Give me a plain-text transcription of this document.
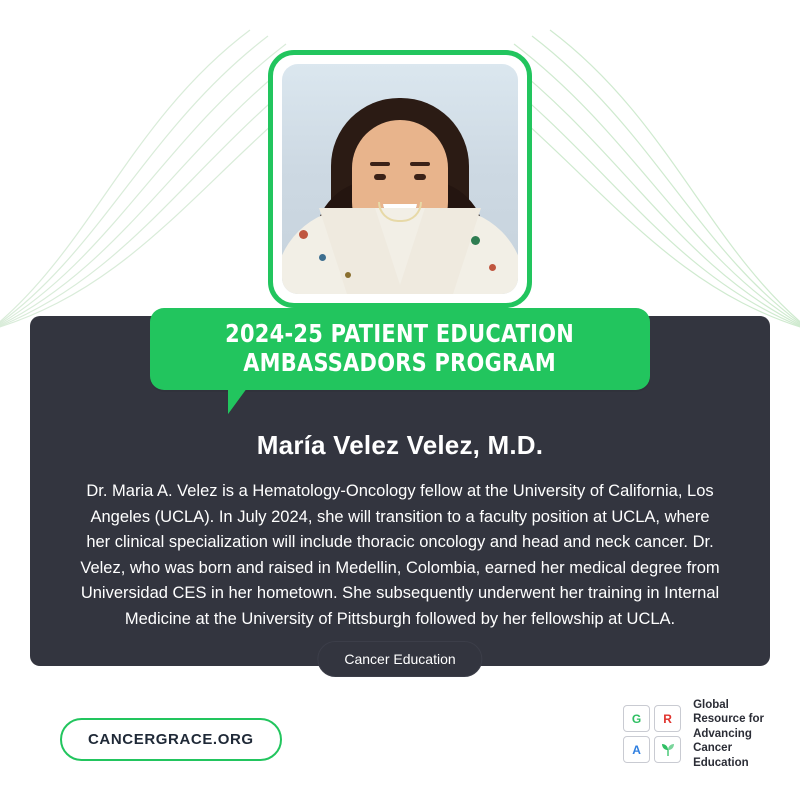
2024-25 PATIENT EDUCATION
AMBASSADORS PROGRAM
María Velez Velez, M.D.
Dr. Maria A. Velez is a Hematology-Oncology fellow at the University of California, Los Angeles (UCLA). In July 2024, she will transition to a faculty position at UCLA, where her clinical specialization will include thoracic oncology and head and neck cancer. Dr. Velez, who was born and raised in Medellin, Colombia, earned her medical degree from Universidad CES in her hometown. She subsequently underwent her training in Internal Medicine at the University of Pittsburgh followed by her fellowship at UCLA.
Cancer Education
CANCERGRACE.ORG
G	R
A
Global
Resource for
Advancing
Cancer
Education
